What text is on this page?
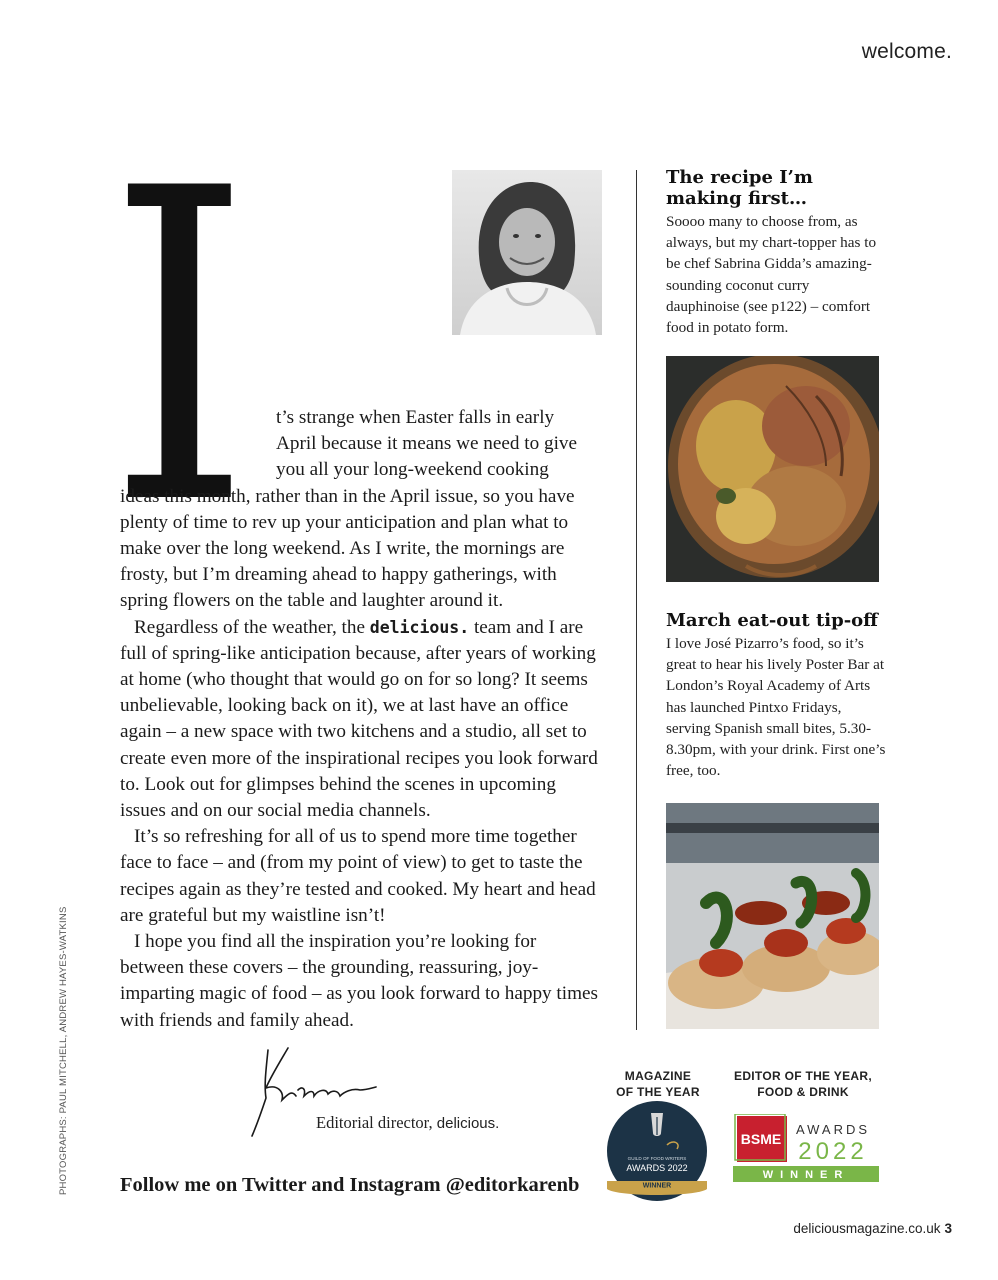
welcome.
I	t’s strange when Easter falls in early
April because it means we need to give
you all your long-weekend cooking
ideas this month, rather than in the April issue, so you have plenty of time to rev up your anticipation and plan what to make over the long weekend. As I write, the mornings are frosty, but I’m dreaming ahead to happy gatherings, with spring flowers on the table and laughter around it.

Regardless of the weather, the delicious. team and I are full of spring-like anticipation because, after years of working at home (who thought that would go on for so long? It seems unbelievable, looking back on it), we at last have an office again – a new space with two kitchens and a studio, all set to create even more of the inspirational recipes you look forward to. Look out for glimpses behind the scenes in upcoming issues and on our social media channels.

It’s so refreshing for all of us to spend more time together face to face – and (from my point of view) to get to taste the recipes again as they’re tested and cooked. My heart and head are grateful but my waistline isn’t!

I hope you find all the inspiration you’re looking for between these covers – the grounding, reassuring, joy-imparting magic of food – as you look forward to happy times with friends and family ahead.

Editorial director, delicious.
Follow me on Twitter and Instagram @editorkarenb
PHOTOGRAPHS: PAUL MITCHELL, ANDREW HAYES-WATKINS
The recipe I’m
making first…
Soooo many to choose from, as always, but my chart-topper has to be chef Sabrina Gidda’s amazing-sounding coconut curry dauphinoise (see p122) – comfort food in potato form.
March eat-out tip-off
I love José Pizarro’s food, so it’s great to hear his lively Poster Bar at London’s Royal Academy of Arts has launched Pintxo Fridays, serving Spanish small bites, 5.30-8.30pm, with your drink. First one’s free, too.
MAGAZINE
OF THE YEAR
GUILD OF FOOD WRITERS
AWARDS 2022
WINNER
EDITOR OF THE YEAR,
FOOD & DRINK
BSME
AWARDS
2022
WINNER
deliciousmagazine.co.uk 3
